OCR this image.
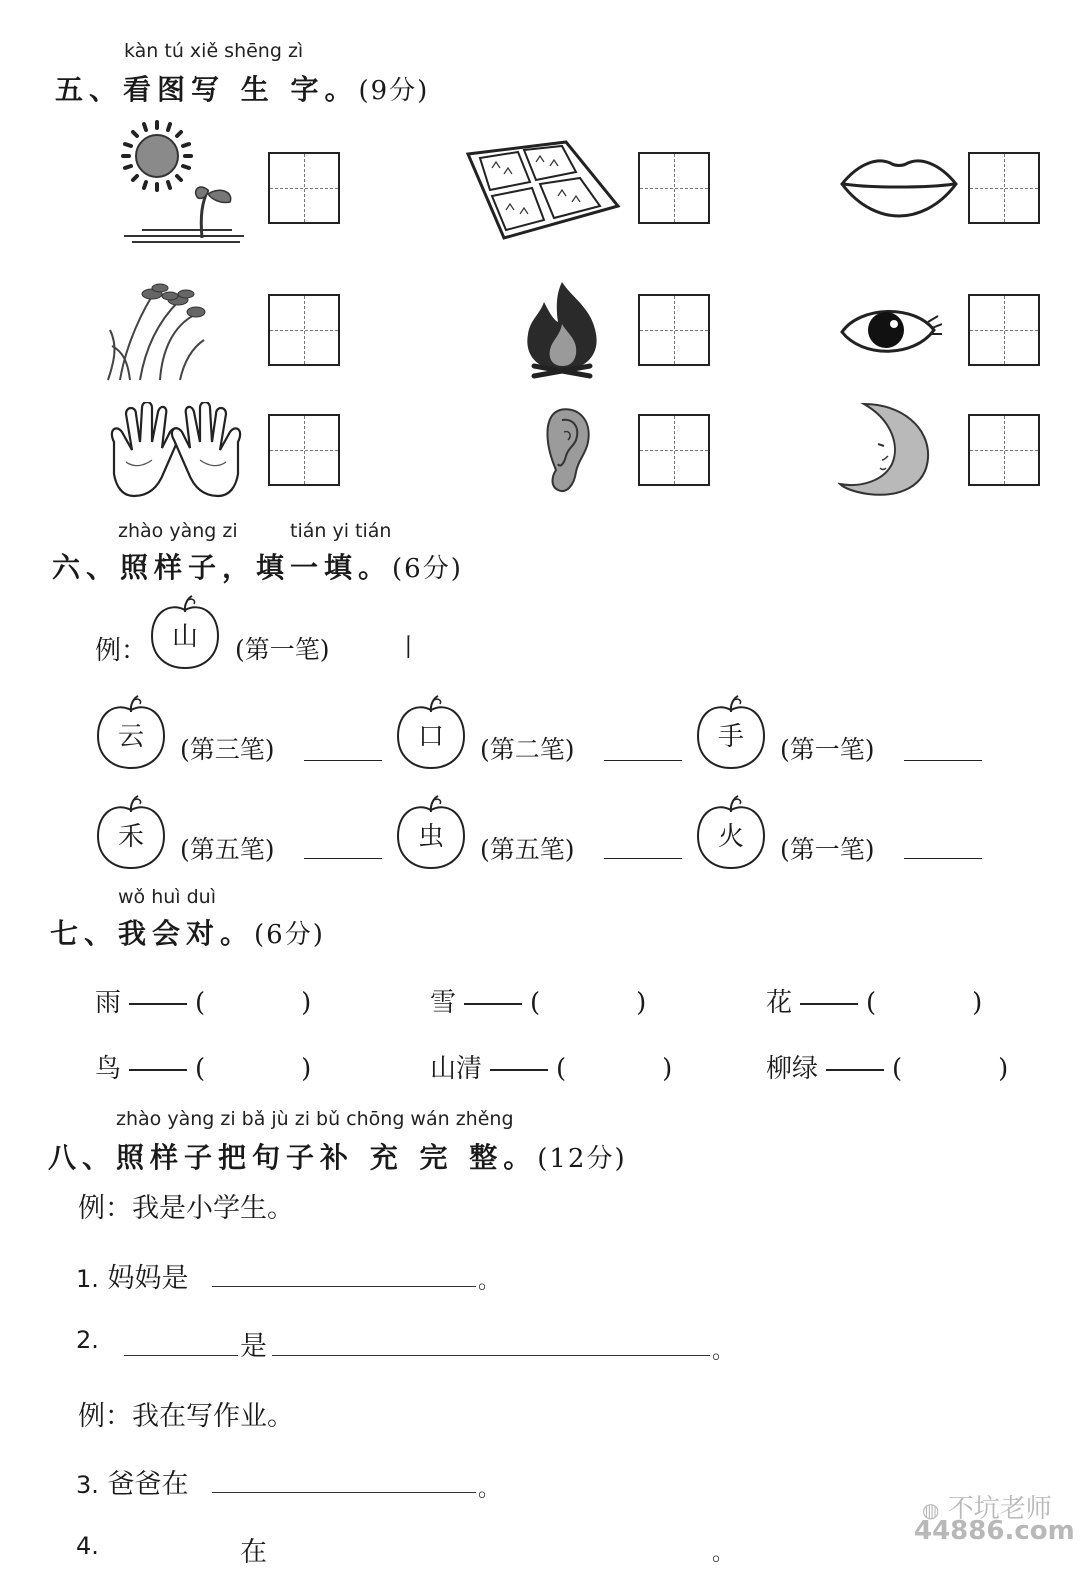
kàn tú xiě shēng zì
五、看图写 生 字。(9分)
zhào yàng zi	tián yi tián
六、照样子，填一填。(6分)
例： 山	(第一笔)	丨
云	(第三笔)	口	(第二笔)	手	(第一笔)
禾	(第五笔)	虫	(第五笔)	火	(第一笔)
wǒ huì duì
七、我会对。(6分)
雨	(	)	雪	(	)	花	(	)
鸟	(	)	山清	(	)	柳绿	(	)
zhào yàng zi bǎ jù zi bǔ chōng wán zhěng
八、照样子把句子补 充 完 整。(12分)
例：我是小学生。
1. 妈妈是	。
2.	是	。
例：我在写作业。
3. 爸爸在	。
4.	在	。
◍ 不坑老师
44886.com
